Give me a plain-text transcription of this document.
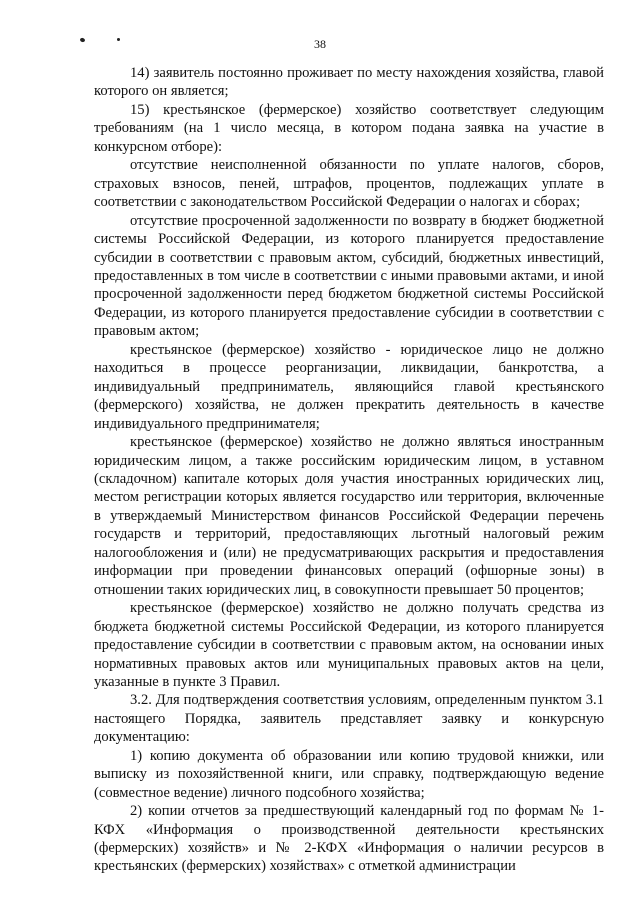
38

14) заявитель постоянно проживает по месту нахождения хозяйства, главой которого он является;

15) крестьянское (фермерское) хозяйство соответствует следующим требованиям (на 1 число месяца, в котором подана заявка на участие в конкурсном отборе):

отсутствие неисполненной обязанности по уплате налогов, сборов, страховых взносов, пеней, штрафов, процентов, подлежащих уплате в соответствии с законодательством Российской Федерации о налогах и сборах;

отсутствие просроченной задолженности по возврату в бюджет бюджетной системы Российской Федерации, из которого планируется предоставление субсидии в соответствии с правовым актом, субсидий, бюджетных инвестиций, предоставленных в том числе в соответствии с иными правовыми актами, и иной просроченной задолженности перед бюджетом бюджетной системы Российской Федерации, из которого планируется предоставление субсидии в соответствии с правовым актом;

крестьянское (фермерское) хозяйство - юридическое лицо не должно находиться в процессе реорганизации, ликвидации, банкротства, а индивидуальный предприниматель, являющийся главой крестьянского (фермерского) хозяйства, не должен прекратить деятельность в качестве индивидуального предпринимателя;

крестьянское (фермерское) хозяйство не должно являться иностранным юридическим лицом, а также российским юридическим лицом, в уставном (складочном) капитале которых доля участия иностранных юридических лиц, местом регистрации которых является государство или территория, включенные в утверждаемый Министерством финансов Российской Федерации перечень государств и территорий, предоставляющих льготный налоговый режим налогообложения и (или) не предусматривающих раскрытия и предоставления информации при проведении финансовых операций (офшорные зоны) в отношении таких юридических лиц, в совокупности превышает 50 процентов;

крестьянское (фермерское) хозяйство не должно получать средства из бюджета бюджетной системы Российской Федерации, из которого планируется предоставление субсидии в соответствии с правовым актом, на основании иных нормативных правовых актов или муниципальных правовых актов на цели, указанные в пункте 3 Правил.

3.2. Для подтверждения соответствия условиям, определенным пунктом 3.1 настоящего Порядка, заявитель представляет заявку и конкурсную документацию:

1) копию документа об образовании или копию трудовой книжки, или выписку из похозяйственной книги, или справку, подтверждающую ведение (совместное ведение) личного подсобного хозяйства;

2) копии отчетов за предшествующий календарный год по формам № 1-КФХ «Информация о производственной деятельности крестьянских (фермерских) хозяйств» и № 2-КФХ «Информация о наличии ресурсов в крестьянских (фермерских) хозяйствах» с отметкой администрации
